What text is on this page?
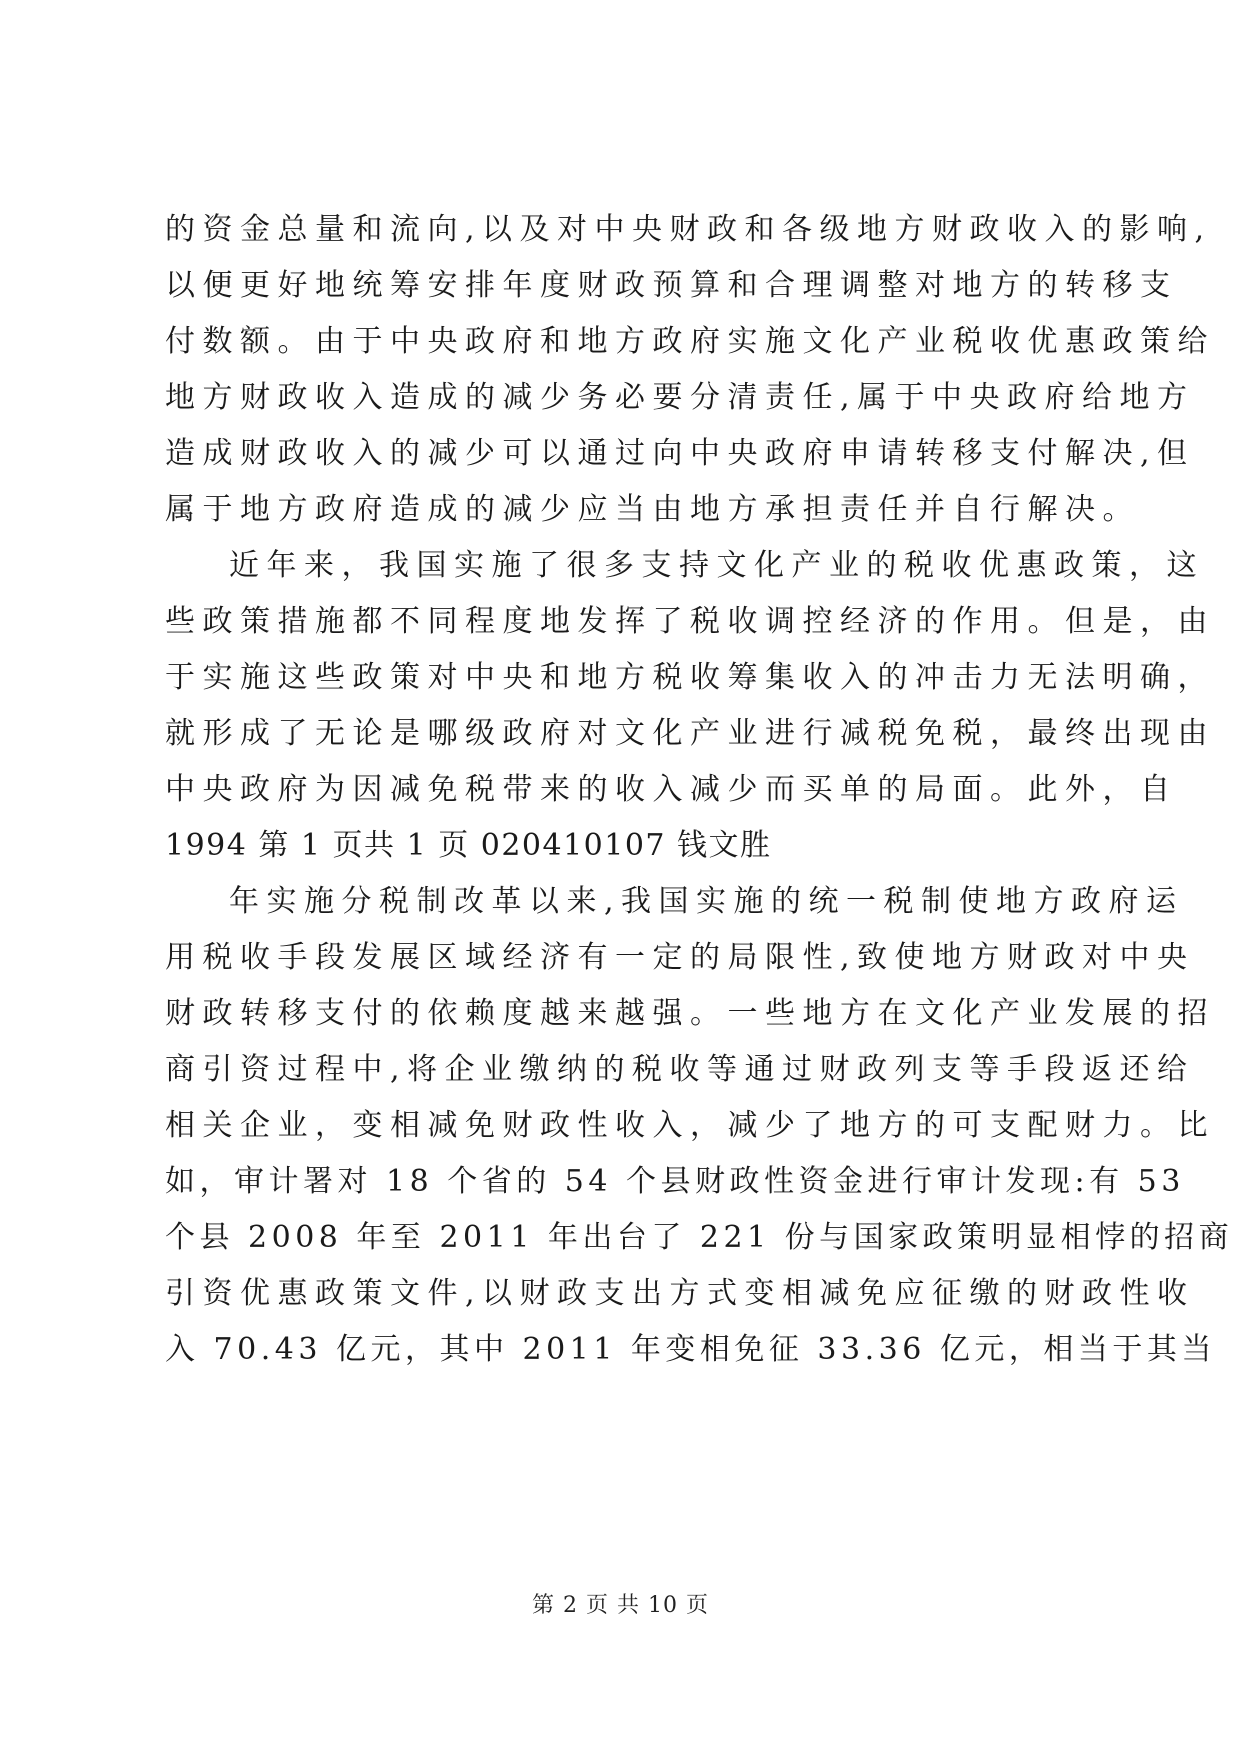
的资金总量和流向,以及对中央财政和各级地方财政收入的影响,
以便更好地统筹安排年度财政预算和合理调整对地方的转移支
付数额。由于中央政府和地方政府实施文化产业税收优惠政策给
地方财政收入造成的减少务必要分清责任,属于中央政府给地方
造成财政收入的减少可以通过向中央政府申请转移支付解决,但
属于地方政府造成的减少应当由地方承担责任并自行解决。
近年来，我国实施了很多支持文化产业的税收优惠政策，这
些政策措施都不同程度地发挥了税收调控经济的作用。但是，由
于实施这些政策对中央和地方税收筹集收入的冲击力无法明确，
就形成了无论是哪级政府对文化产业进行减税免税，最终出现由
中央政府为因减免税带来的收入减少而买单的局面。此外，自
1994 第 1 页共 1 页 020410107 钱文胜
年实施分税制改革以来,我国实施的统一税制使地方政府运
用税收手段发展区域经济有一定的局限性,致使地方财政对中央
财政转移支付的依赖度越来越强。一些地方在文化产业发展的招
商引资过程中,将企业缴纳的税收等通过财政列支等手段返还给
相关企业，变相减免财政性收入，减少了地方的可支配财力。比
如，审计署对 18 个省的 54 个县财政性资金进行审计发现:有 53
个县 2008 年至 2011 年出台了 221 份与国家政策明显相悖的招商
引资优惠政策文件,以财政支出方式变相减免应征缴的财政性收
入 70.43 亿元，其中 2011 年变相免征 33.36 亿元，相当于其当
第 2 页 共 10 页
